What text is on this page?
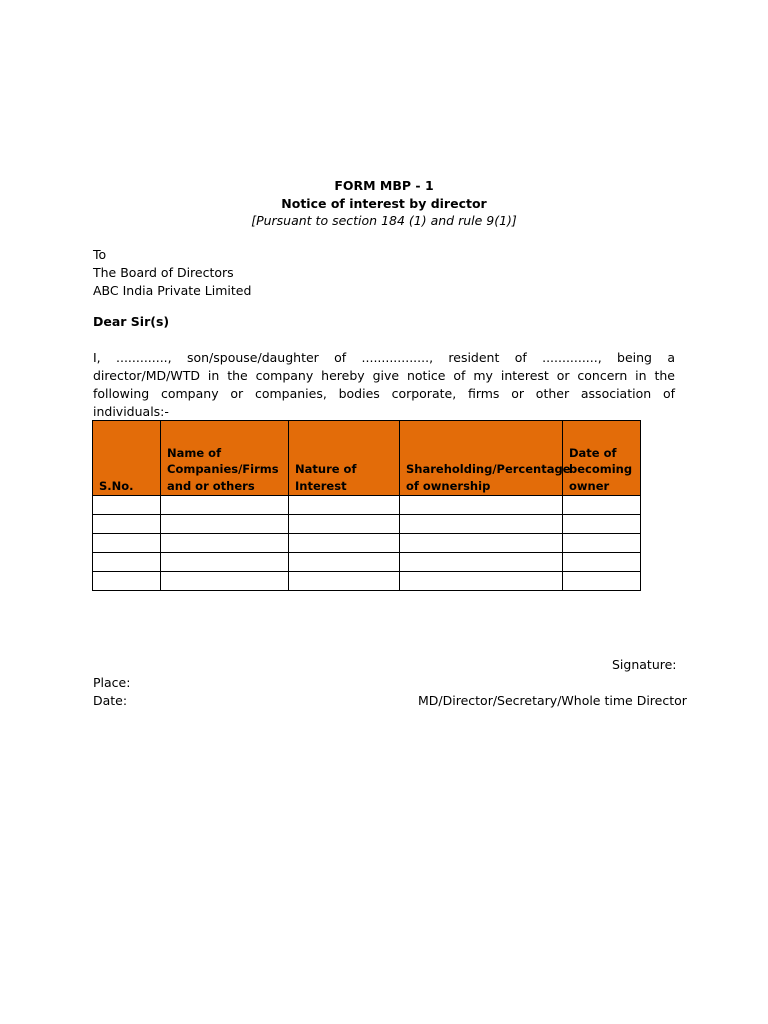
FORM MBP - 1
Notice of interest by director
[Pursuant to section 184 (1) and rule 9(1)]
To
The Board of Directors
ABC India Private Limited
Dear Sir(s)

I, ............., son/spouse/daughter of ................., resident of .............., being a director/MD/WTD in the company hereby give notice of my interest or concern in the following company or companies, bodies corporate, firms or other association of individuals:-

S.No.	Name of Companies/Firms and or others	Nature of Interest	Shareholding/Percentage of ownership	Date of becoming owner

Signature:
Place:
Date:	MD/Director/Secretary/Whole time Director
